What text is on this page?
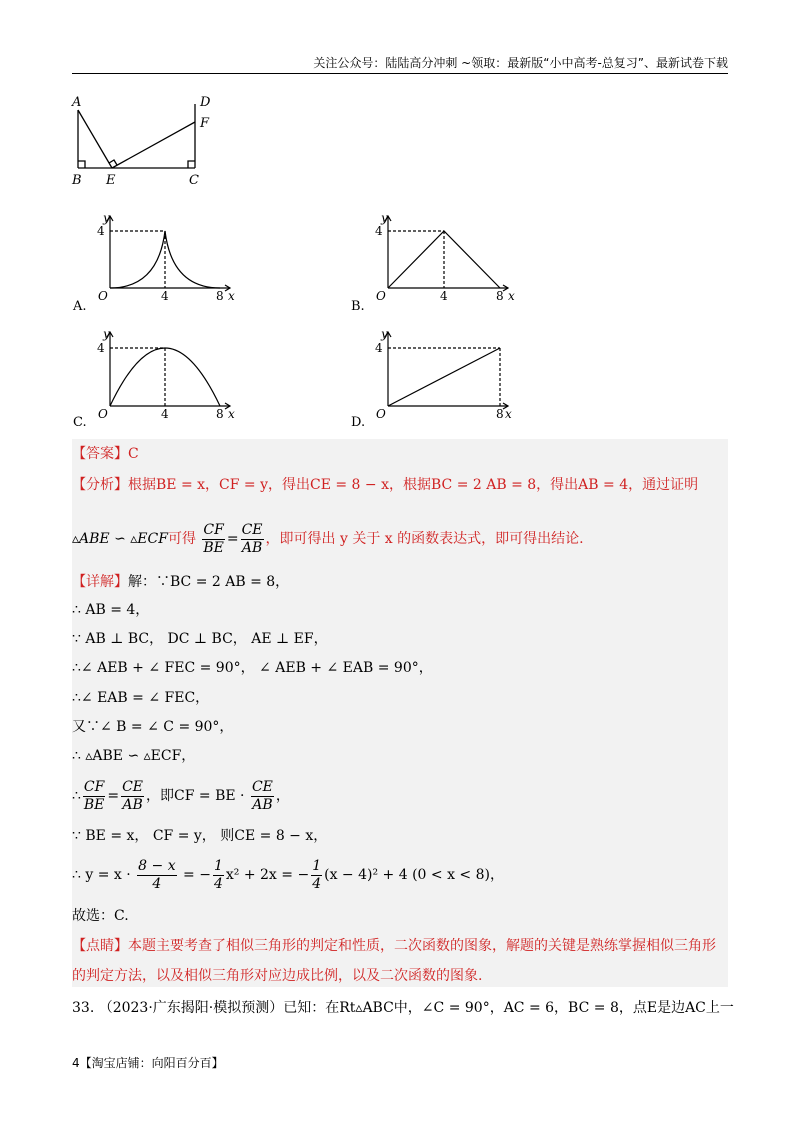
关注公众号：陆陆高分冲刺 ~领取：最新版“小中高考-总复习”、最新试卷下载
A
B E	C
D
F
y
4
O	4	8 x
A.
y
4
O	4	8 x
B.
y
4
O	4	8 x
C.
y
4
O	8 x
D.
【答案】C
【分析】根据BE = x，CF = y，得出CE = 8 − x，根据BC = 2 AB = 8，得出AB = 4，通过证明
▵ABE ∽ ▵ECF可得 $\frac{CF}{BE} = \frac{CE}{AB}$ ，即可得出 y 关于 x 的函数表达式，即可得出结论.
【详解】解：∵BC = 2 AB = 8，
∴ AB = 4，
∵ AB ⊥ BC， DC ⊥ BC， AE ⊥ EF，
∴∠ AEB + ∠ FEC = 90°， ∠ AEB + ∠ EAB = 90°，
∴∠ EAB = ∠ FEC，
又∵∠ B = ∠ C = 90°，
∴ ▵ABE ∽ ▵ECF，
∴ $\frac{CF}{BE} = \frac{CE}{AB}$ ，即CF = BE · $\frac{CE}{AB}$ ，
∵ BE = x， CF = y， 则CE = 8 − x，
∴ $y = x \cdot \frac{8 - x}{4}$ = − $\frac{1}{4} x^2 + 2x$ = − $\frac{1}{4} (x - 4)^2 + 4$ (0 < x < 8)，
故选：C.
【点睛】本题主要考查了相似三角形的判定和性质，二次函数的图象，解题的关键是熟练掌握相似三角形
的判定方法，以及相似三角形对应边成比例，以及二次函数的图象.
33. （2023·广东揭阳·模拟预测）已知：在Rt▵ABC中，∠C = 90°，AC = 6，BC = 8，点E是边AC上一
4【淘宝店铺：向阳百分百】
